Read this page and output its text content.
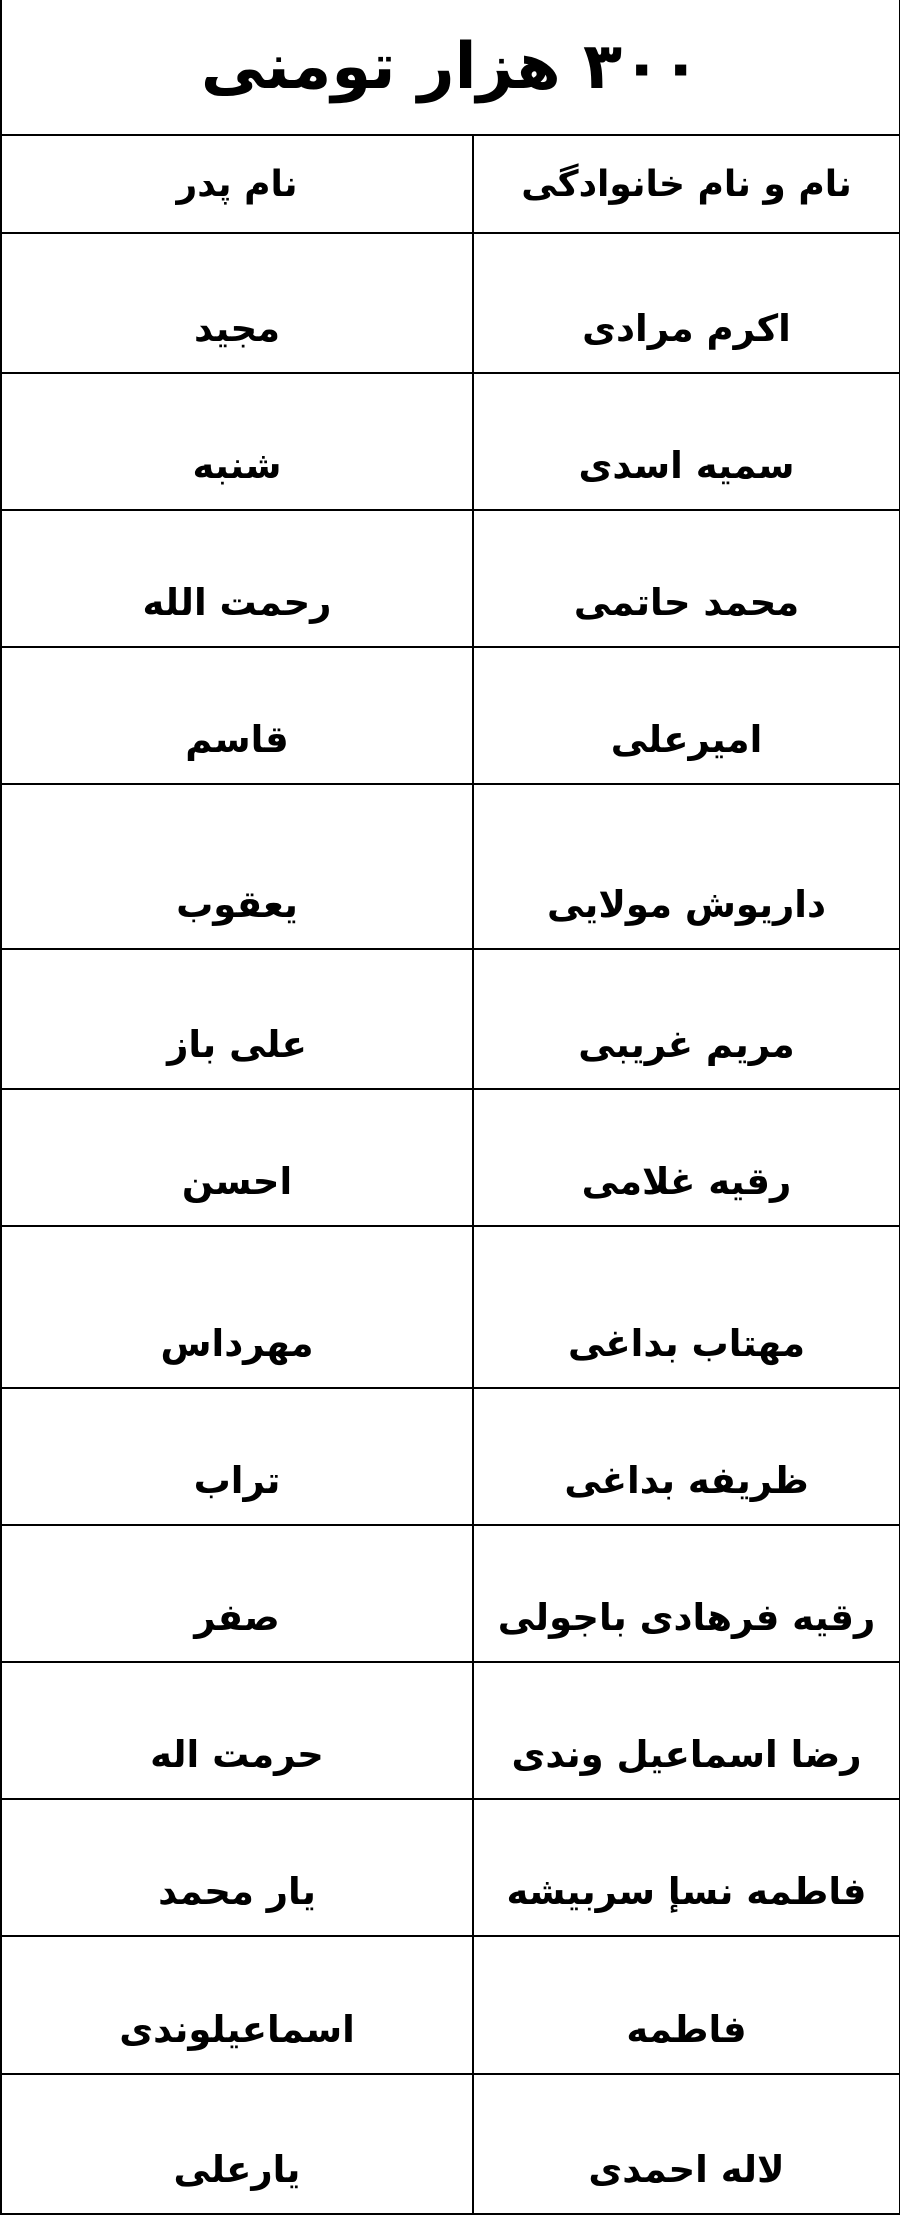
۳۰۰ هزار تومنی	
نام و نام خانوادگی	نام پدر
اکرم مرادی	مجید
سمیه اسدی	شنبه
محمد حاتمی	رحمت الله
امیرعلی	قاسم
داریوش مولایی	یعقوب
مریم غریبی	علی باز
رقیه غلامی	احسن
مهتاب بداغی	مهرداس
ظریفه بداغی	تراب
رقیه فرهادی باجولی	صفر
رضا اسماعیل وندی	حرمت اله
فاطمه نسإ سربیشه	یار محمد
فاطمه	اسماعیلوندی
لاله احمدی	یارعلی
